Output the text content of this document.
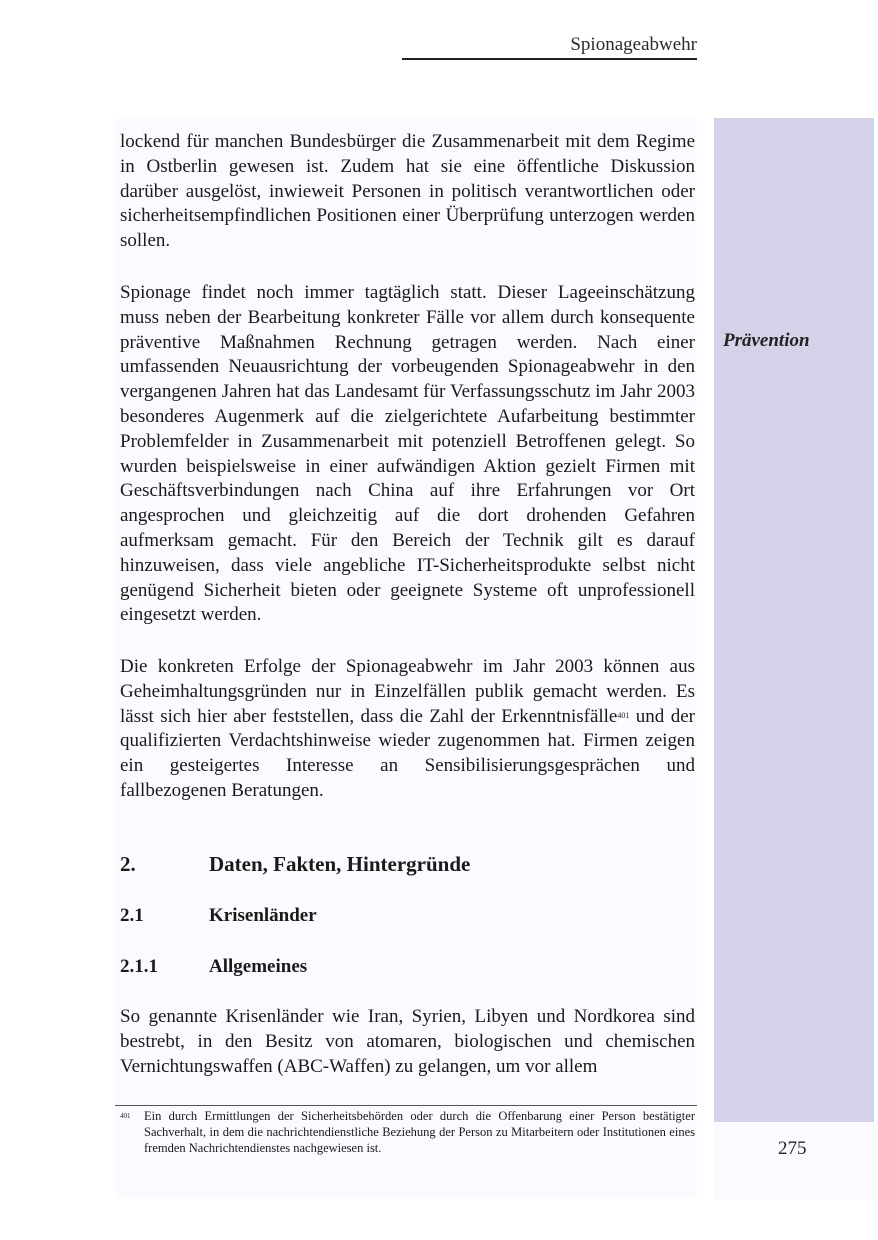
Spionageabwehr
Prävention
lockend für manchen Bundesbürger die Zusammenarbeit mit dem Regime in Ostberlin gewesen ist. Zudem hat sie eine öffentliche Diskussion darüber ausgelöst, inwieweit Personen in politisch verantwortlichen oder sicherheitsempfindlichen Positionen einer Überprüfung unterzogen werden sollen.
Spionage findet noch immer tagtäglich statt. Dieser Lageeinschätzung muss neben der Bearbeitung konkreter Fälle vor allem durch konsequente präventive Maßnahmen Rechnung getragen werden. Nach einer umfassenden Neuausrichtung der vorbeugenden Spionageabwehr in den vergangenen Jahren hat das Landesamt für Verfassungsschutz im Jahr 2003 besonderes Augenmerk auf die zielgerichtete Aufarbeitung bestimmter Problemfelder in Zusammenarbeit mit potenziell Betroffenen gelegt. So wurden beispielsweise in einer aufwändigen Aktion gezielt Firmen mit Geschäftsverbindungen nach China auf ihre Erfahrungen vor Ort angesprochen und gleichzeitig auf die dort drohenden Gefahren aufmerksam gemacht. Für den Bereich der Technik gilt es darauf hinzuweisen, dass viele angebliche IT-Sicherheitsprodukte selbst nicht genügend Sicherheit bieten oder geeignete Systeme oft unprofessionell eingesetzt werden.
Die konkreten Erfolge der Spionageabwehr im Jahr 2003 können aus Geheimhaltungsgründen nur in Einzelfällen publik gemacht werden. Es lässt sich hier aber feststellen, dass die Zahl der Erkenntnisfälle$^{401}$ und der qualifizierten Verdachtshinweise wieder zugenommen hat. Firmen zeigen ein gesteigertes Interesse an Sensibilisierungsgesprächen und fallbezogenen Beratungen.
2.	Daten, Fakten, Hintergründe
2.1	Krisenländer
2.1.1	Allgemeines
So genannte Krisenländer wie Iran, Syrien, Libyen und Nordkorea sind bestrebt, in den Besitz von atomaren, biologischen und chemischen Vernichtungswaffen (ABC-Waffen) zu gelangen, um vor allem
401 Ein durch Ermittlungen der Sicherheitsbehörden oder durch die Offenbarung einer Person bestätigter Sachverhalt, in dem die nachrichtendienstliche Beziehung der Person zu Mitarbeitern oder Institutionen eines fremden Nachrichtendienstes nachgewiesen ist.	275
